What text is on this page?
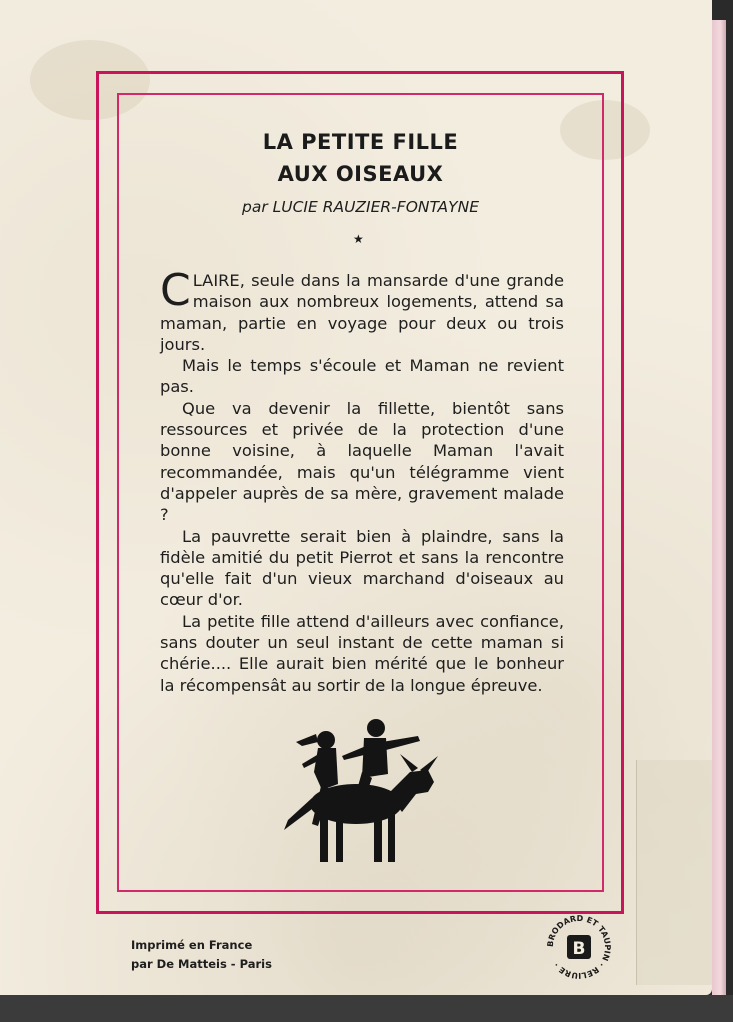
LA PETITE FILLE
AUX OISEAUX
par LUCIE RAUZIER-FONTAYNE
★

CLAIRE, seule dans la mansarde d'une grande maison aux nombreux logements, attend sa maman, partie en voyage pour deux ou trois jours.

Mais le temps s'écoule et Maman ne revient pas.

Que va devenir la fillette, bientôt sans ressources et privée de la protection d'une bonne voisine, à laquelle Maman l'avait recommandée, mais qu'un télégramme vient d'appeler auprès de sa mère, gravement malade ?

La pauvrette serait bien à plaindre, sans la fidèle amitié du petit Pierrot et sans la rencontre qu'elle fait d'un vieux marchand d'oiseaux au cœur d'or.

La petite fille attend d'ailleurs avec confiance, sans douter un seul instant de cette maman si chérie.... Elle aurait bien mérité que le bonheur la récompensât au sortir de la longue épreuve.

Imprimé en France
par De Matteis - Paris
BRODARD ET TAUPIN · RELIURE ·
B
